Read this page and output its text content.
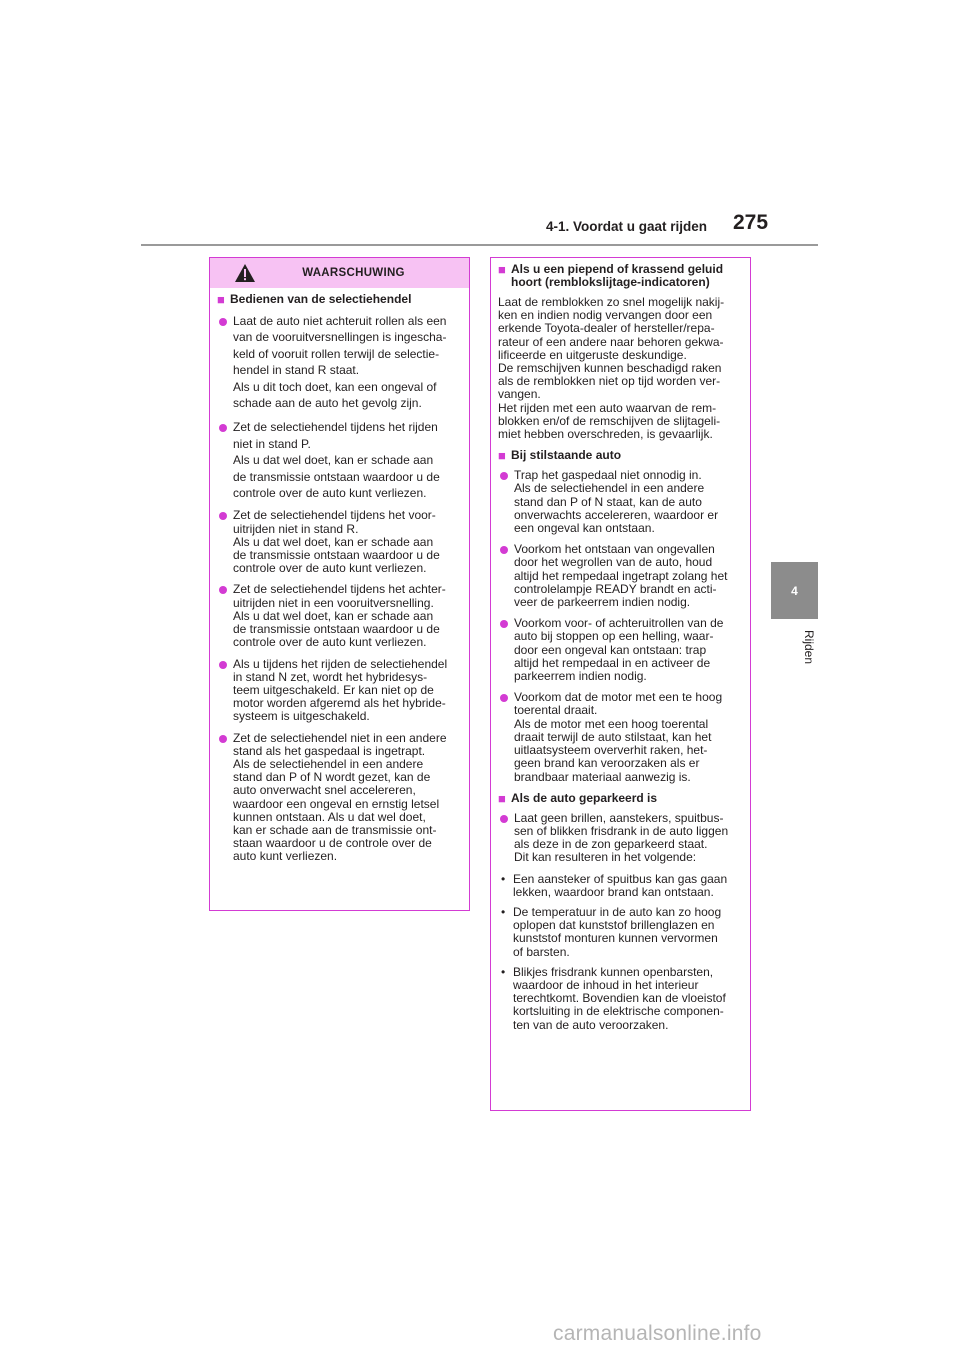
4-1. Voordat u gaat rijden 275
4
Rijden
WAARSCHUWING
■ Bedienen van de selectiehendel
Laat de auto niet achteruit rollen als een
van de vooruitversnellingen is ingescha-
keld of vooruit rollen terwijl de selectie-
hendel in stand R staat.
Als u dit toch doet, kan een ongeval of
schade aan de auto het gevolg zijn.
Zet de selectiehendel tijdens het rijden
niet in stand P.
Als u dat wel doet, kan er schade aan
de transmissie ontstaan waardoor u de
controle over de auto kunt verliezen.
Zet de selectiehendel tijdens het voor-
uitrijden niet in stand R.
Als u dat wel doet, kan er schade aan
de transmissie ontstaan waardoor u de
controle over de auto kunt verliezen.
Zet de selectiehendel tijdens het achter-
uitrijden niet in een vooruitversnelling.
Als u dat wel doet, kan er schade aan
de transmissie ontstaan waardoor u de
controle over de auto kunt verliezen.
Als u tijdens het rijden de selectiehendel
in stand N zet, wordt het hybridesys-
teem uitgeschakeld. Er kan niet op de
motor worden afgeremd als het hybride-
systeem is uitgeschakeld.
Zet de selectiehendel niet in een andere
stand als het gaspedaal is ingetrapt.
Als de selectiehendel in een andere
stand dan P of N wordt gezet, kan de
auto onverwacht snel accelereren,
waardoor een ongeval en ernstig letsel
kunnen ontstaan. Als u dat wel doet,
kan er schade aan de transmissie ont-
staan waardoor u de controle over de
auto kunt verliezen.
■ Als u een piepend of krassend geluid
hoort (remblokslijtage-indicatoren)
Laat de remblokken zo snel mogelijk nakij-
ken en indien nodig vervangen door een
erkende Toyota-dealer of hersteller/repa-
rateur of een andere naar behoren gekwa-
lificeerde en uitgeruste deskundige.
De remschijven kunnen beschadigd raken
als de remblokken niet op tijd worden ver-
vangen.
Het rijden met een auto waarvan de rem-
blokken en/of de remschijven de slijtageli-
miet hebben overschreden, is gevaarlijk.
■ Bij stilstaande auto
Trap het gaspedaal niet onnodig in.
Als de selectiehendel in een andere
stand dan P of N staat, kan de auto
onverwachts accelereren, waardoor er
een ongeval kan ontstaan.
Voorkom het ontstaan van ongevallen
door het wegrollen van de auto, houd
altijd het rempedaal ingetrapt zolang het
controlelampje READY brandt en acti-
veer de parkeerrem indien nodig.
Voorkom voor- of achteruitrollen van de
auto bij stoppen op een helling, waar-
door een ongeval kan ontstaan: trap
altijd het rempedaal in en activeer de
parkeerrem indien nodig.
Voorkom dat de motor met een te hoog
toerental draait.
Als de motor met een hoog toerental
draait terwijl de auto stilstaat, kan het
uitlaatsysteem oververhit raken, het-
geen brand kan veroorzaken als er
brandbaar materiaal aanwezig is.
■ Als de auto geparkeerd is
Laat geen brillen, aanstekers, spuitbus-
sen of blikken frisdrank in de auto liggen
als deze in de zon geparkeerd staat.
Dit kan resulteren in het volgende:
• Een aansteker of spuitbus kan gas gaan
lekken, waardoor brand kan ontstaan.
• De temperatuur in de auto kan zo hoog
oplopen dat kunststof brillenglazen en
kunststof monturen kunnen vervormen
of barsten.
• Blikjes frisdrank kunnen openbarsten,
waardoor de inhoud in het interieur
terechtkomt. Bovendien kan de vloeistof
kortsluiting in de elektrische componen-
ten van de auto veroorzaken.
carmanualsonline.info
